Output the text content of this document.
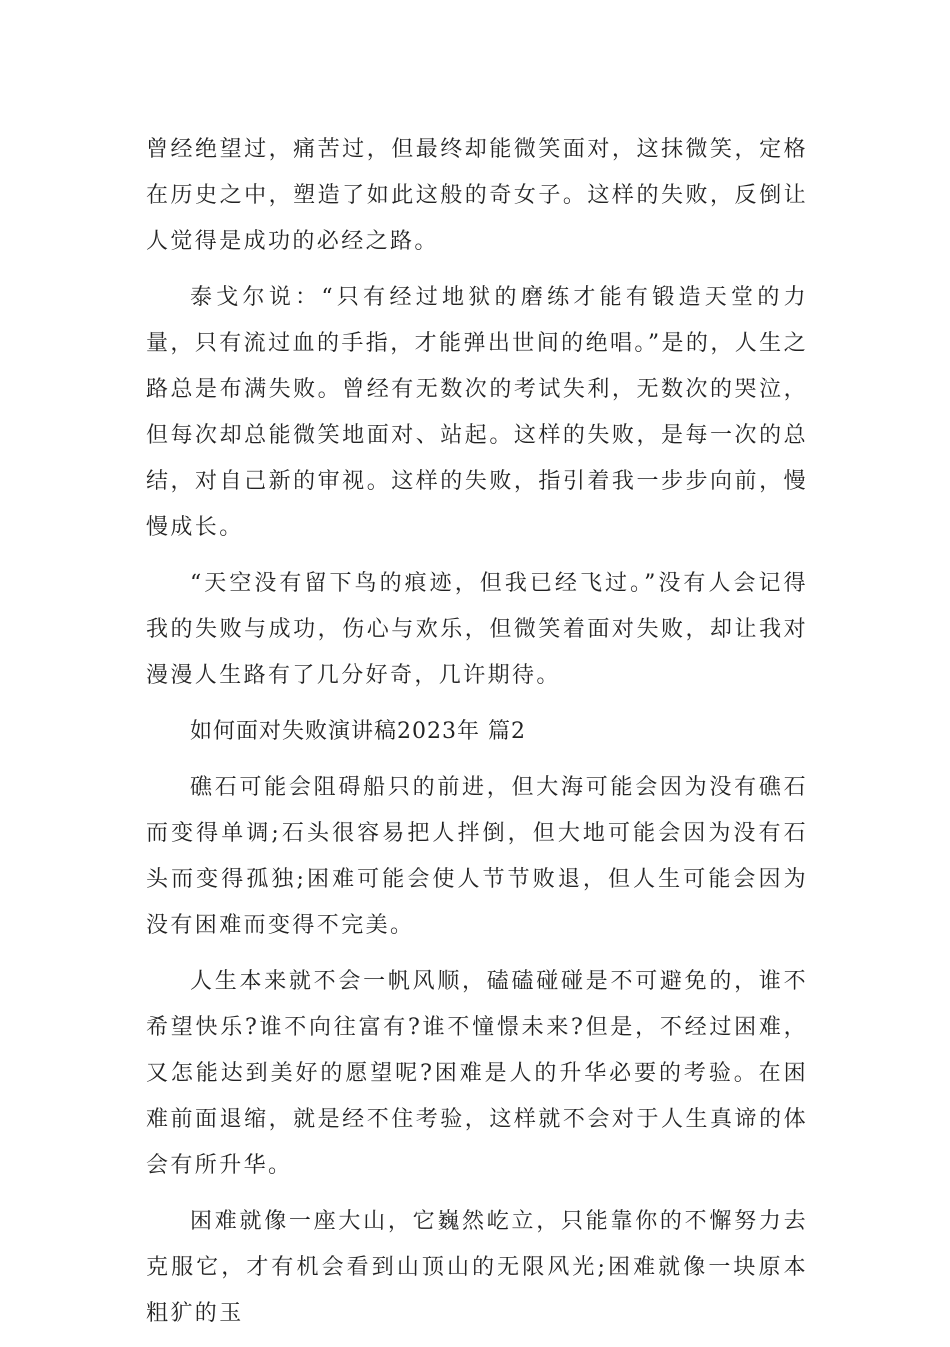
曾经绝望过，痛苦过，但最终却能微笑面对，这抹微笑，定格在历史之中，塑造了如此这般的奇女子。这样的失败，反倒让人觉得是成功的必经之路。

泰戈尔说：“只有经过地狱的磨练才能有锻造天堂的力量，只有流过血的手指，才能弹出世间的绝唱。”是的，人生之路总是布满失败。曾经有无数次的考试失利，无数次的哭泣，但每次却总能微笑地面对、站起。这样的失败，是每一次的总结，对自己新的审视。这样的失败，指引着我一步步向前，慢慢成长。

“天空没有留下鸟的痕迹，但我已经飞过。”没有人会记得我的失败与成功，伤心与欢乐，但微笑着面对失败，却让我对漫漫人生路有了几分好奇，几许期待。

如何面对失败演讲稿2023年 篇2

礁石可能会阻碍船只的前进，但大海可能会因为没有礁石而变得单调;石头很容易把人拌倒，但大地可能会因为没有石头而变得孤独;困难可能会使人节节败退，但人生可能会因为没有困难而变得不完美。

人生本来就不会一帆风顺，磕磕碰碰是不可避免的，谁不希望快乐?谁不向往富有?谁不憧憬未来?但是，不经过困难，又怎能达到美好的愿望呢?困难是人的升华必要的考验。在困难前面退缩，就是经不住考验，这样就不会对于人生真谛的体会有所升华。

困难就像一座大山，它巍然屹立，只能靠你的不懈努力去克服它，才有机会看到山顶山的无限风光;困难就像一块原本粗犷的玉
